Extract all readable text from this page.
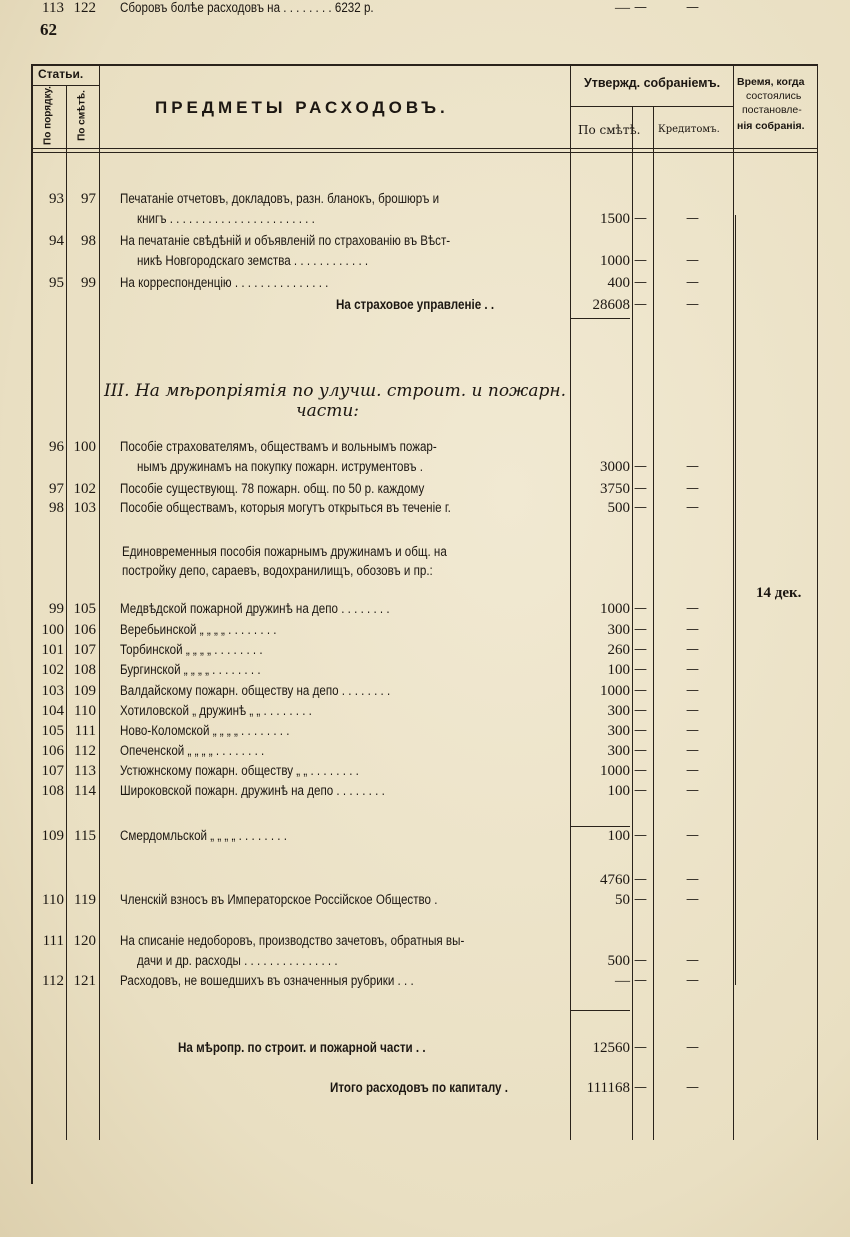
62
Статьи.
По порядку. По смѣтѣ.	ПРЕДМЕТЫ РАСХОДОВЪ.
Утвержд. собраніемъ.
По смѣтѣ. Кредитомъ.
Время, когда
состоялись
постановле-
нія собранія.
III. На мѣропріятія по улучш. строит. и пожарн.
части:
Единовременныя пособія пожарнымъ дружинамъ и общ. на
постройку депо, сараевъ, водохранилищъ, обозовъ и пр.:
14 дек.
93	97 Печатаніе отчетовъ, докладовъ, разн. бланокъ, брошюръ и
книгъ . . . . . . . . . . . . . . . . . . . . . . .	1500 —	—
94	98 На печатаніе свѣдѣній и объявленій по страхованію въ Вѣст-
никѣ Новгородскаго земства . . . . . . . . . . . .	1000 —	—
95	99 На корреспонденцію . . . . . . . . . . . . . . .	400 —	—
На страховое управленіе . .	28608 —	—
96 100 Пособіе страхователямъ, обществамъ и вольнымъ пожар-
нымъ дружинамъ на покупку пожарн. иструментовъ .	3000 —	—
97 102 Пособіе существующ. 78 пожарн. общ. по 50 р. каждому	3750 —	—
98 103 Пособіе обществамъ, которыя могутъ открыться въ теченіе г.	500 —	—
99 105 Медвѣдской пожарной дружинѣ на депо . . . . . . . .	1000 —	—
100 106 Веребьинской „ „ „ „ . . . . . . . .	300 —	—
101 107 Торбинской „ „ „ „ . . . . . . . .	260 —	—
102 108 Бургинской „ „ „ „ . . . . . . . .	100 —	—
103 109 Валдайскому пожарн. обществу на депо . . . . . . . .	1000 —	—
104 110 Хотиловской „ дружинѣ „ „ . . . . . . . .	300 —	—
105 111 Ново-Коломской „ „ „ „ . . . . . . . .	300 —	—
106 112 Опеченской „ „ „ „ . . . . . . . .	300 —	—
107 113 Устюжнскому пожарн. обществу „ „ . . . . . . . .	1000 —	—
108 114 Широковской пожарн. дружинѣ на депо . . . . . . . .	100 —	—
109 115 Смердомльской „ „ „ „ . . . . . . . .	100 —	—
4760 —	—
110 119 Членскій взносъ въ Императорское Россійское Общество .	50 —	—
111 120 На списаніе недоборовъ, производство зачетовъ, обратныя вы-
дачи и др. расходы . . . . . . . . . . . . . . .	500 —	—
112 121 Расходовъ, не вошедшихъ въ означенныя рубрики . . .	— —	—
На мѣропр. по строит. и пожарной части . .	12560 —	—
Итого расходовъ по капиталу .	111168 —	—
113 122 Сборовъ болѣе расходовъ на . . . . . . . . 6232 р.	— —	—
